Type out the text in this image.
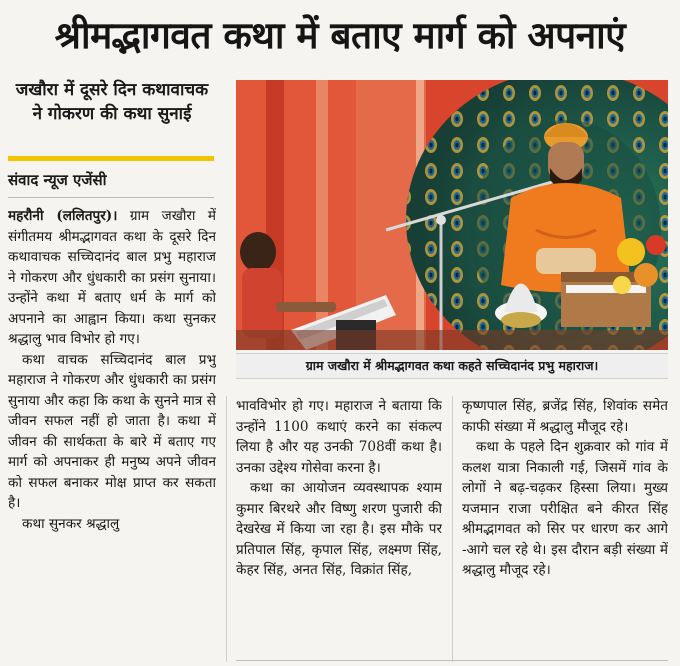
श्रीमद्भागवत कथा में बताए मार्ग को अपनाएं
जखौरा में दूसरे दिन कथावाचक ने गोकरण की कथा सुनाई
संवाद न्यूज एजेंसी
ग्राम जखौरा में श्रीमद्भागवत कथा कहते सच्चिदानंद प्रभु महाराज।

महरौनी (ललितपुर)। ग्राम जखौरा में संगीतमय श्रीमद्भागवत कथा के दूसरे दिन कथावाचक सच्चिदानंद बाल प्रभु महाराज ने गोकरण और धुंधकारी का प्रसंग सुनाया। उन्होंने कथा में बताए धर्म के मार्ग को अपनाने का आह्वान किया। कथा सुनकर श्रद्धालु भाव विभोर हो गए।

कथा वाचक सच्चिदानंद बाल प्रभु महाराज ने गोकरण और धुंधकारी का प्रसंग सुनाया और कहा कि कथा के सुनने मात्र से जीवन सफल नहीं हो जाता है। कथा में जीवन की सार्थकता के बारे में बताए गए मार्ग को अपनाकर ही मनुष्य अपने जीवन को सफल बनाकर मोक्ष प्राप्त कर सकता है।

कथा सुनकर श्रद्धालु

भावविभोर हो गए। महाराज ने बताया कि उन्होंने 1100 कथाएं करने का संकल्प लिया है और यह उनकी 708वीं कथा है। उनका उद्देश्य गोसेवा करना है।

कथा का आयोजन व्यवस्थापक श्याम कुमार बिरथरे और विष्णु शरण पुजारी की देखरेख में किया जा रहा है। इस मौके पर प्रतिपाल सिंह, कृपाल सिंह, लक्ष्मण सिंह, केहर सिंह, अनत सिंह, विक्रांत सिंह,

कृष्णपाल सिंह, ब्रजेंद्र सिंह, शिवांक समेत काफी संख्या में श्रद्धालु मौजूद रहे।

कथा के पहले दिन शुक्रवार को गांव में कलश यात्रा निकाली गई, जिसमें गांव के लोगों ने बढ़-चढ़कर हिस्सा लिया। मुख्य यजमान राजा परीक्षित बने कीरत सिंह श्रीमद्भागवत को सिर पर धारण कर आगे -आगे चल रहे थे। इस दौरान बड़ी संख्या में श्रद्धालु मौजूद रहे।
